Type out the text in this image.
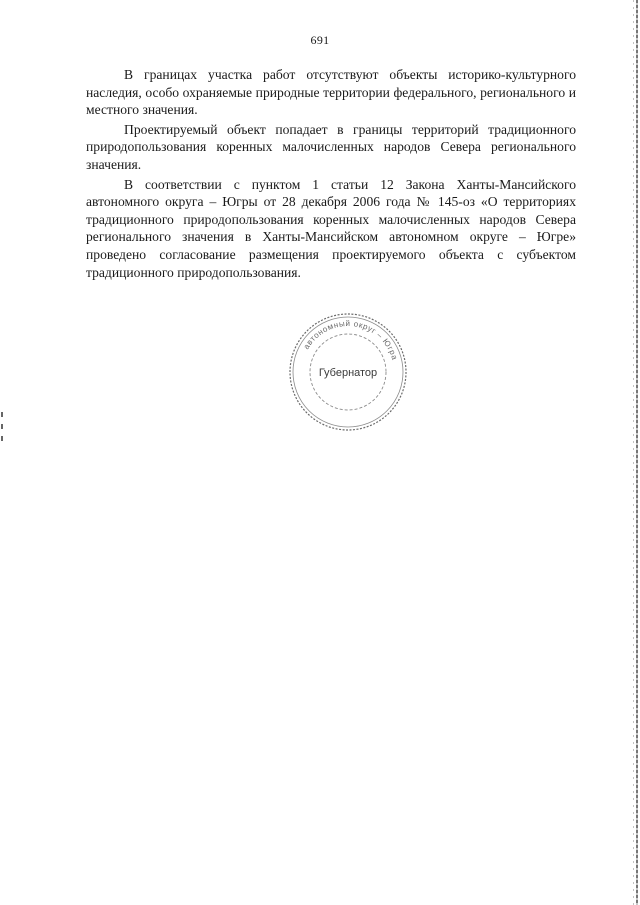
691

В границах участка работ отсутствуют объекты историко-культурного наследия, особо охраняемые природные территории федерального, регионального и местного значения.

Проектируемый объект попадает в границы территорий традиционного природопользования коренных малочисленных народов Севера регионального значения.

В соответствии с пунктом 1 статьи 12 Закона Ханты-Мансийского автономного округа – Югры от 28 декабря 2006 года № 145-оз «О территориях традиционного природопользования коренных малочисленных народов Севера регионального значения в Ханты-Мансийском автономном округе – Югре» проведено согласование размещения проектируемого объекта с субъектом традиционного природопользования.

автономный округ – Югра
Губернатор
